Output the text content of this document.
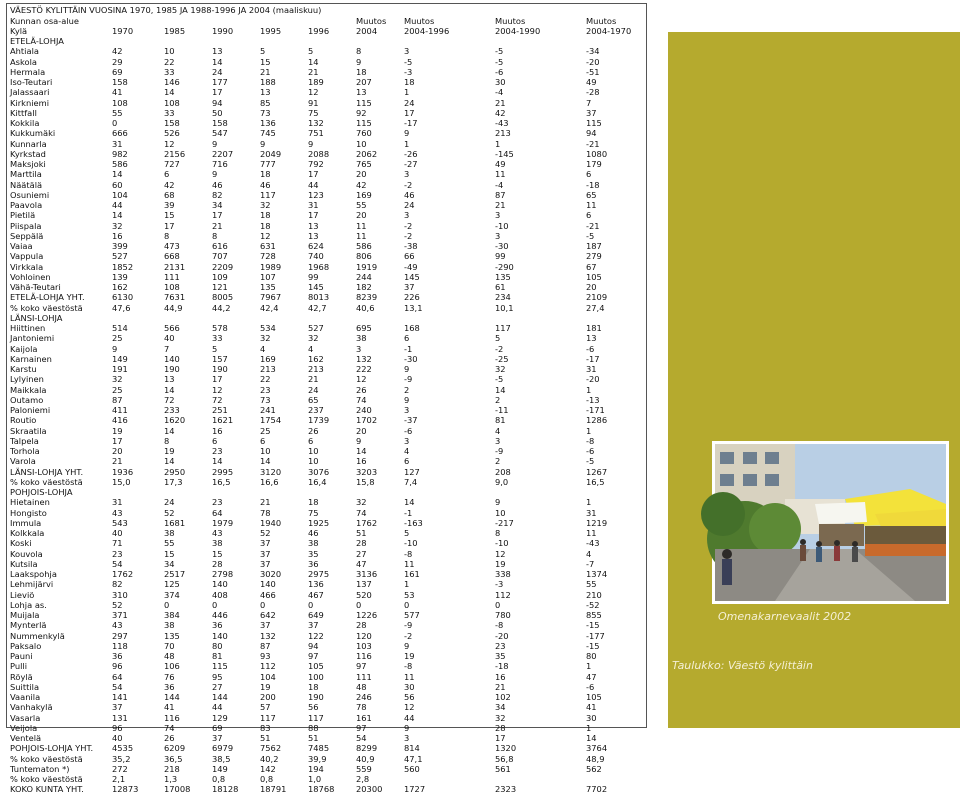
VÄESTÖ KYLITTÄIN VUOSINA 1970, 1985 JA 1988-1996 JA 2004 (maaliskuu)
Kunnan osa-alue						Muutos	Muutos	Muutos	Muutos
Kylä	1970	1985	1990	1995	1996	2004	2004-1996	2004-1990	2004-1970
ETELÄ-LOHJA									
Ahtiala	42	10	13	5	5	8	3	-5	-34
Askola	29	22	14	15	14	9	-5	-5	-20
Hermala	69	33	24	21	21	18	-3	-6	-51
Iso-Teutari	158	146	177	188	189	207	18	30	49
Jalassaari	41	14	17	13	12	13	1	-4	-28
Kirkniemi	108	108	94	85	91	115	24	21	7
Kittfall	55	33	50	73	75	92	17	42	37
Kokkila	0	158	158	136	132	115	-17	-43	115
Kukkumäki	666	526	547	745	751	760	9	213	94
Kunnarla	31	12	9	9	9	10	1	1	-21
Kyrkstad	982	2156	2207	2049	2088	2062	-26	-145	1080
Maksjoki	586	727	716	777	792	765	-27	49	179
Marttila	14	6	9	18	17	20	3	11	6
Näätälä	60	42	46	46	44	42	-2	-4	-18
Osuniemi	104	68	82	117	123	169	46	87	65
Paavola	44	39	34	32	31	55	24	21	11
Pietilä	14	15	17	18	17	20	3	3	6
Piispala	32	17	21	18	13	11	-2	-10	-21
Seppälä	16	8	8	12	13	11	-2	3	-5
Vaiaa	399	473	616	631	624	586	-38	-30	187
Vappula	527	668	707	728	740	806	66	99	279
Virkkala	1852	2131	2209	1989	1968	1919	-49	-290	67
Vohloinen	139	111	109	107	99	244	145	135	105
Vähä-Teutari	162	108	121	135	145	182	37	61	20
ETELÄ-LOHJA YHT.	6130	7631	8005	7967	8013	8239	226	234	2109
% koko väestöstä	47,6	44,9	44,2	42,4	42,7	40,6	13,1	10,1	27,4
LÄNSI-LOHJA									
Hiittinen	514	566	578	534	527	695	168	117	181
Jantoniemi	25	40	33	32	32	38	6	5	13
Kaijola	9	7	5	4	4	3	-1	-2	-6
Karnainen	149	140	157	169	162	132	-30	-25	-17
Karstu	191	190	190	213	213	222	9	32	31
Lylyinen	32	13	17	22	21	12	-9	-5	-20
Maikkala	25	14	12	23	24	26	2	14	1
Outamo	87	72	72	73	65	74	9	2	-13
Paloniemi	411	233	251	241	237	240	3	-11	-171
Routio	416	1620	1621	1754	1739	1702	-37	81	1286
Skraatila	19	14	16	25	26	20	-6	4	1
Talpela	17	8	6	6	6	9	3	3	-8
Torhola	20	19	23	10	10	14	4	-9	-6
Varola	21	14	14	14	10	16	6	2	-5
LÄNSI-LOHJA YHT.	1936	2950	2995	3120	3076	3203	127	208	1267
% koko väestöstä	15,0	17,3	16,5	16,6	16,4	15,8	7,4	9,0	16,5
POHJOIS-LOHJA									
Hietainen	31	24	23	21	18	32	14	9	1
Hongisto	43	52	64	78	75	74	-1	10	31
Immula	543	1681	1979	1940	1925	1762	-163	-217	1219
Kolkkala	40	38	43	52	46	51	5	8	11
Koski	71	55	38	37	38	28	-10	-10	-43
Kouvola	23	15	15	37	35	27	-8	12	4
Kutsila	54	34	28	37	36	47	11	19	-7
Laakspohja	1762	2517	2798	3020	2975	3136	161	338	1374
Lehmijärvi	82	125	140	140	136	137	1	-3	55
Lieviö	310	374	408	466	467	520	53	112	210
Lohja as.	52	0	0	0	0	0	0	0	-52
Muijala	371	384	446	642	649	1226	577	780	855
Mynterlä	43	38	36	37	37	28	-9	-8	-15
Nummenkylä	297	135	140	132	122	120	-2	-20	-177
Paksalo	118	70	80	87	94	103	9	23	-15
Pauni	36	48	81	93	97	116	19	35	80
Pulli	96	106	115	112	105	97	-8	-18	1
Röylä	64	76	95	104	100	111	11	16	47
Suittila	54	36	27	19	18	48	30	21	-6
Vaanila	141	144	144	200	190	246	56	102	105
Vanhakylä	37	41	44	57	56	78	12	34	41
Vasarla	131	116	129	117	117	161	44	32	30
Veijola	96	74	69	83	88	97	9	28	1
Ventelä	40	26	37	51	51	54	3	17	14
POHJOIS-LOHJA YHT.	4535	6209	6979	7562	7485	8299	814	1320	3764
% koko väestöstä	35,2	36,5	38,5	40,2	39,9	40,9	47,1	56,8	48,9
Tuntematon *)	272	218	149	142	194	559	560	561	562
% koko väestöstä	2,1	1,3	0,8	0,8	1,0	2,8			
KOKO KUNTA YHT.	12873	17008	18128	18791	18768	20300	1727	2323	7702
Omenakarnevaalit 2002
Taulukko: Väestö kylittäin
